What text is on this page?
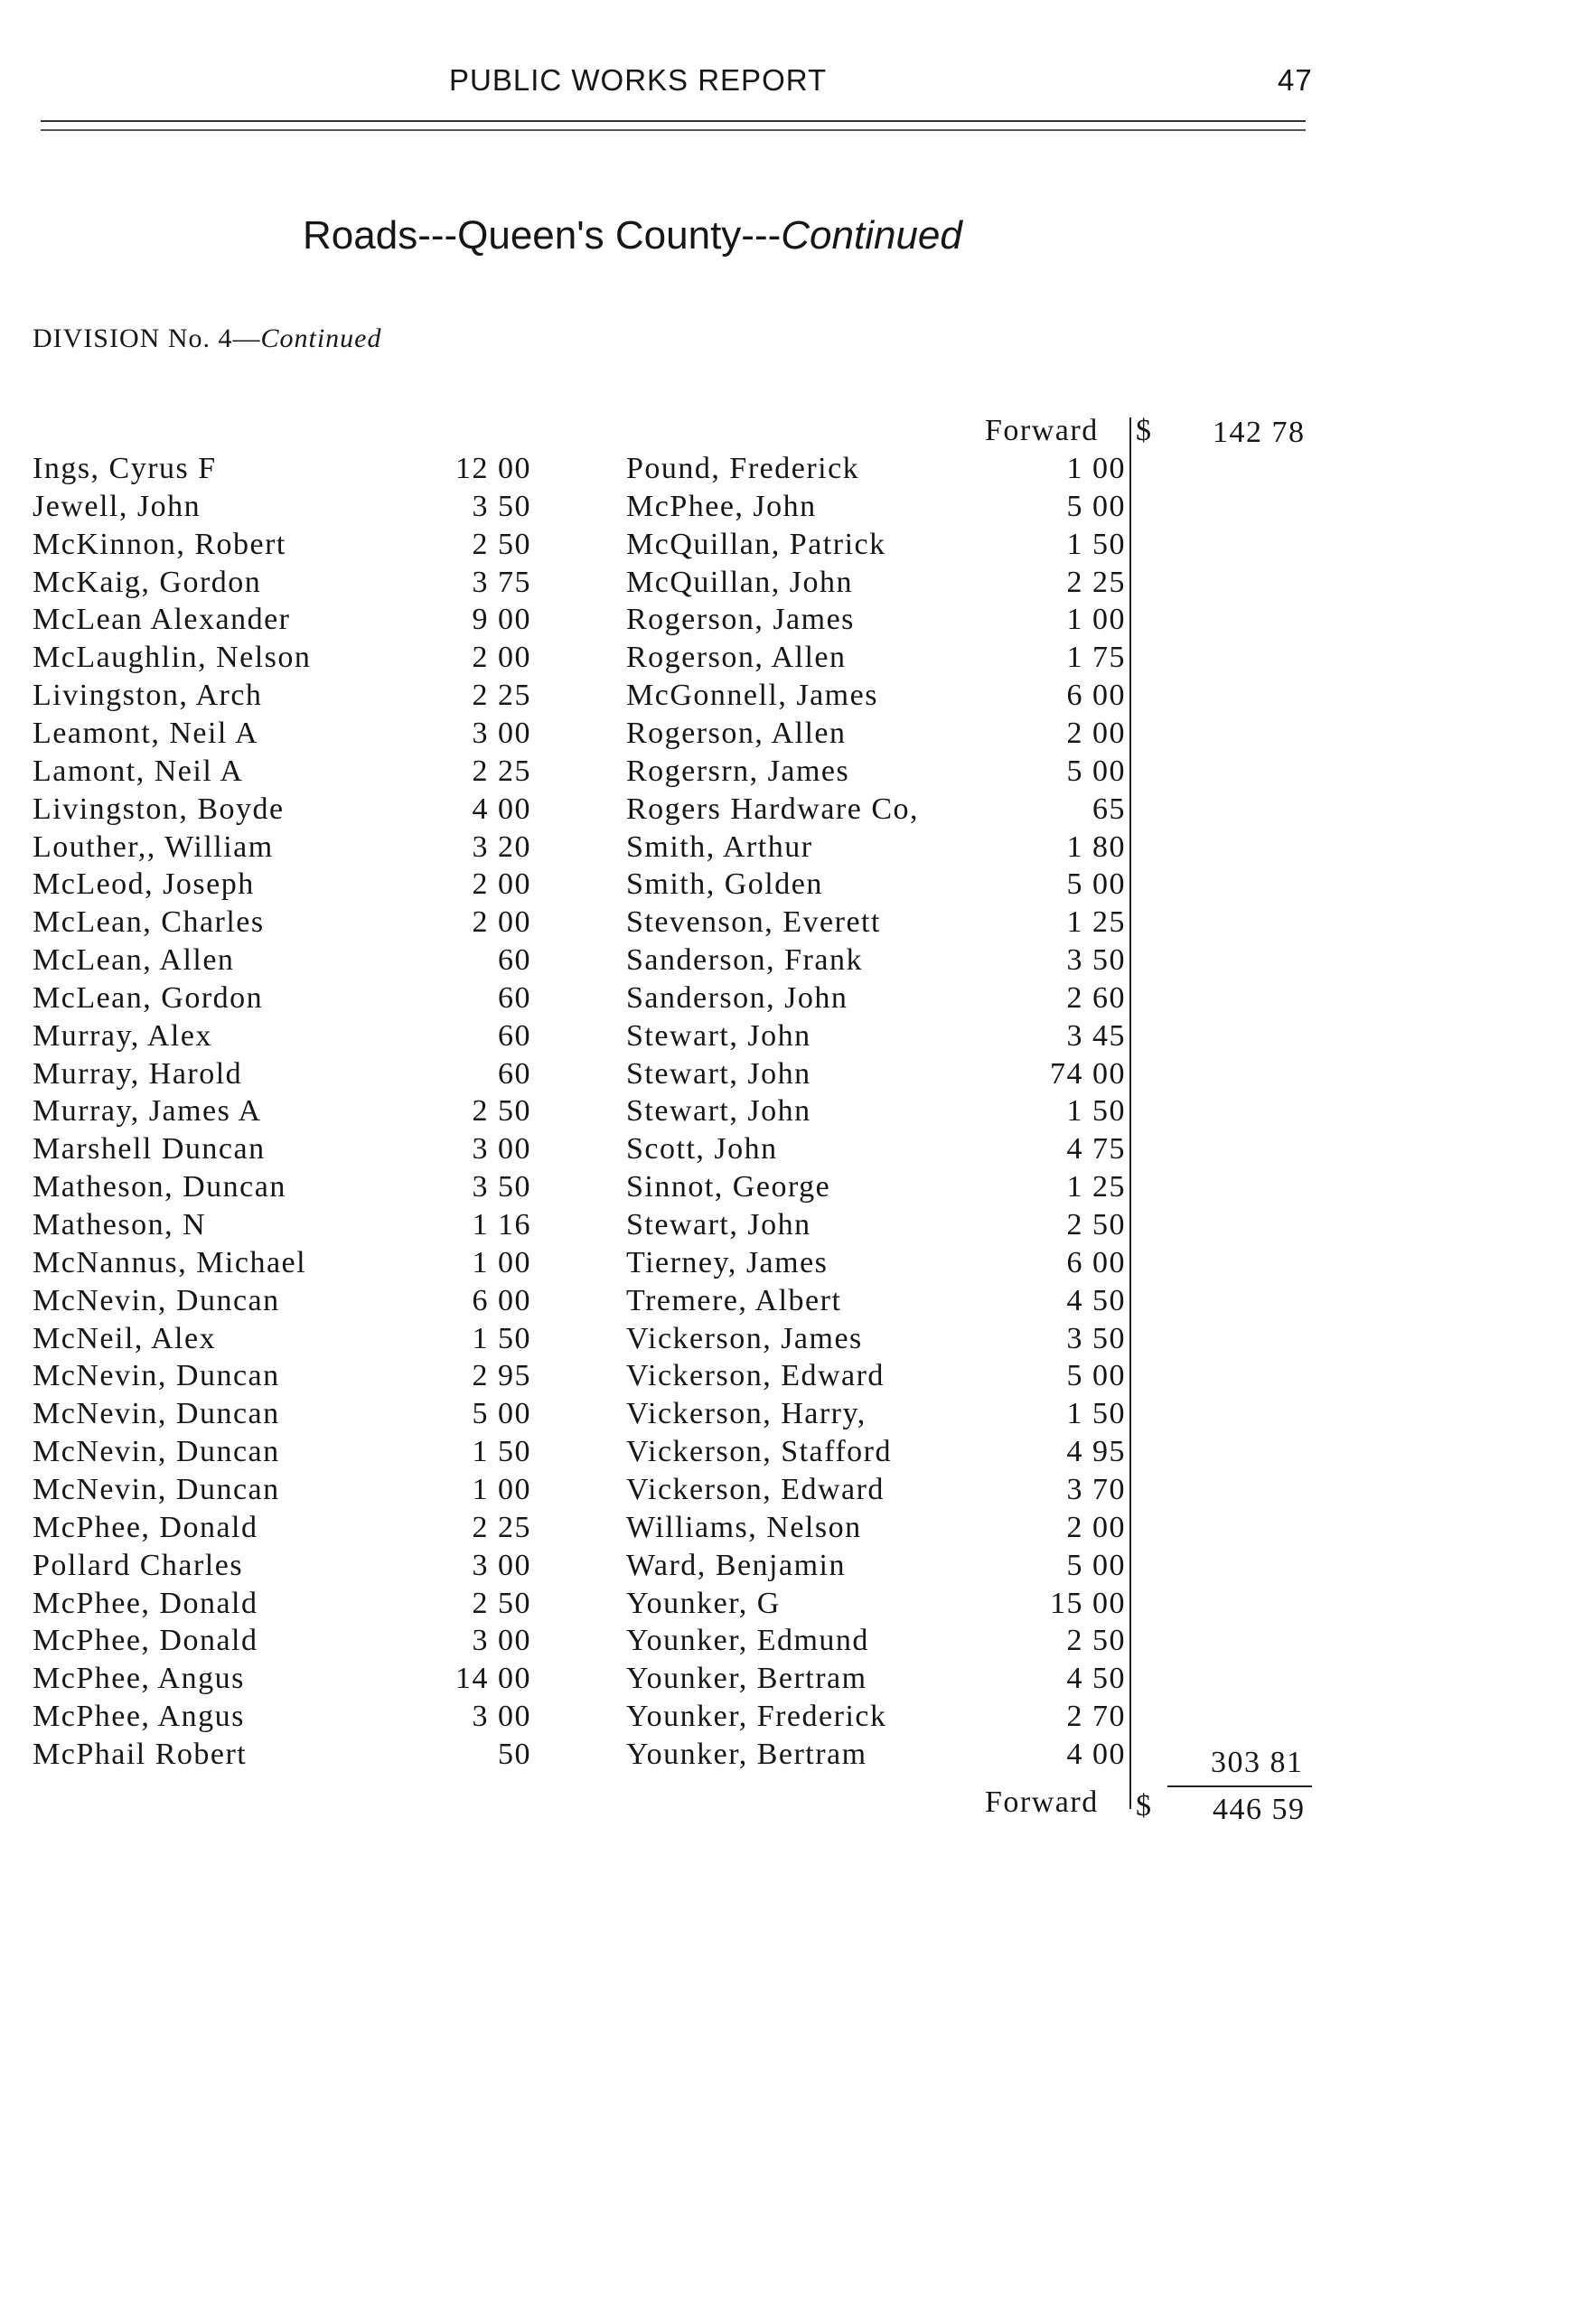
PUBLIC WORKS REPORT	47
Roads---Queen's County---Continued
DIVISION No. 4—Continued
Forward $ 142 78
Ings, Cyrus F	12 00	Pound, Frederick	1 00
Jewell, John	3 50	McPhee, John	5 00
McKinnon, Robert	2 50	McQuillan, Patrick	1 50
McKaig, Gordon	3 75	McQuillan, John	2 25
McLean Alexander	9 00	Rogerson, James	1 00
McLaughlin, Nelson	2 00	Rogerson, Allen	1 75
Livingston, Arch	2 25	McGonnell, James	6 00
Leamont, Neil A	3 00	Rogerson, Allen	2 00
Lamont, Neil A	2 25	Rogersrn, James	5 00
Livingston, Boyde	4 00	Rogers Hardware Co,	65
Louther,, William	3 20	Smith, Arthur	1 80
McLeod, Joseph	2 00	Smith, Golden	5 00
McLean, Charles	2 00	Stevenson, Everett	1 25
McLean, Allen	60	Sanderson, Frank	3 50
McLean, Gordon	60	Sanderson, John	2 60
Murray, Alex	60	Stewart, John	3 45
Murray, Harold	60	Stewart, John	74 00
Murray, James A	2 50	Stewart, John	1 50
Marshell Duncan	3 00	Scott, John	4 75
Matheson, Duncan	3 50	Sinnot, George	1 25
Matheson, N	1 16	Stewart, John	2 50
McNannus, Michael	1 00	Tierney, James	6 00
McNevin, Duncan	6 00	Tremere, Albert	4 50
McNeil, Alex	1 50	Vickerson, James	3 50
McNevin, Duncan	2 95	Vickerson, Edward	5 00
McNevin, Duncan	5 00	Vickerson, Harry,	1 50
McNevin, Duncan	1 50	Vickerson, Stafford	4 95
McNevin, Duncan	1 00	Vickerson, Edward	3 70
McPhee, Donald	2 25	Williams, Nelson	2 00
Pollard Charles	3 00	Ward, Benjamin	5 00
McPhee, Donald	2 50	Younker, G	15 00
McPhee, Donald	3 00	Younker, Edmund	2 50
McPhee, Angus	14 00	Younker, Bertram	4 50
McPhee, Angus	3 00	Younker, Frederick	2 70
McPhail Robert	50	Younker, Bertram	4 00	303 81
Forward $ 446 59
